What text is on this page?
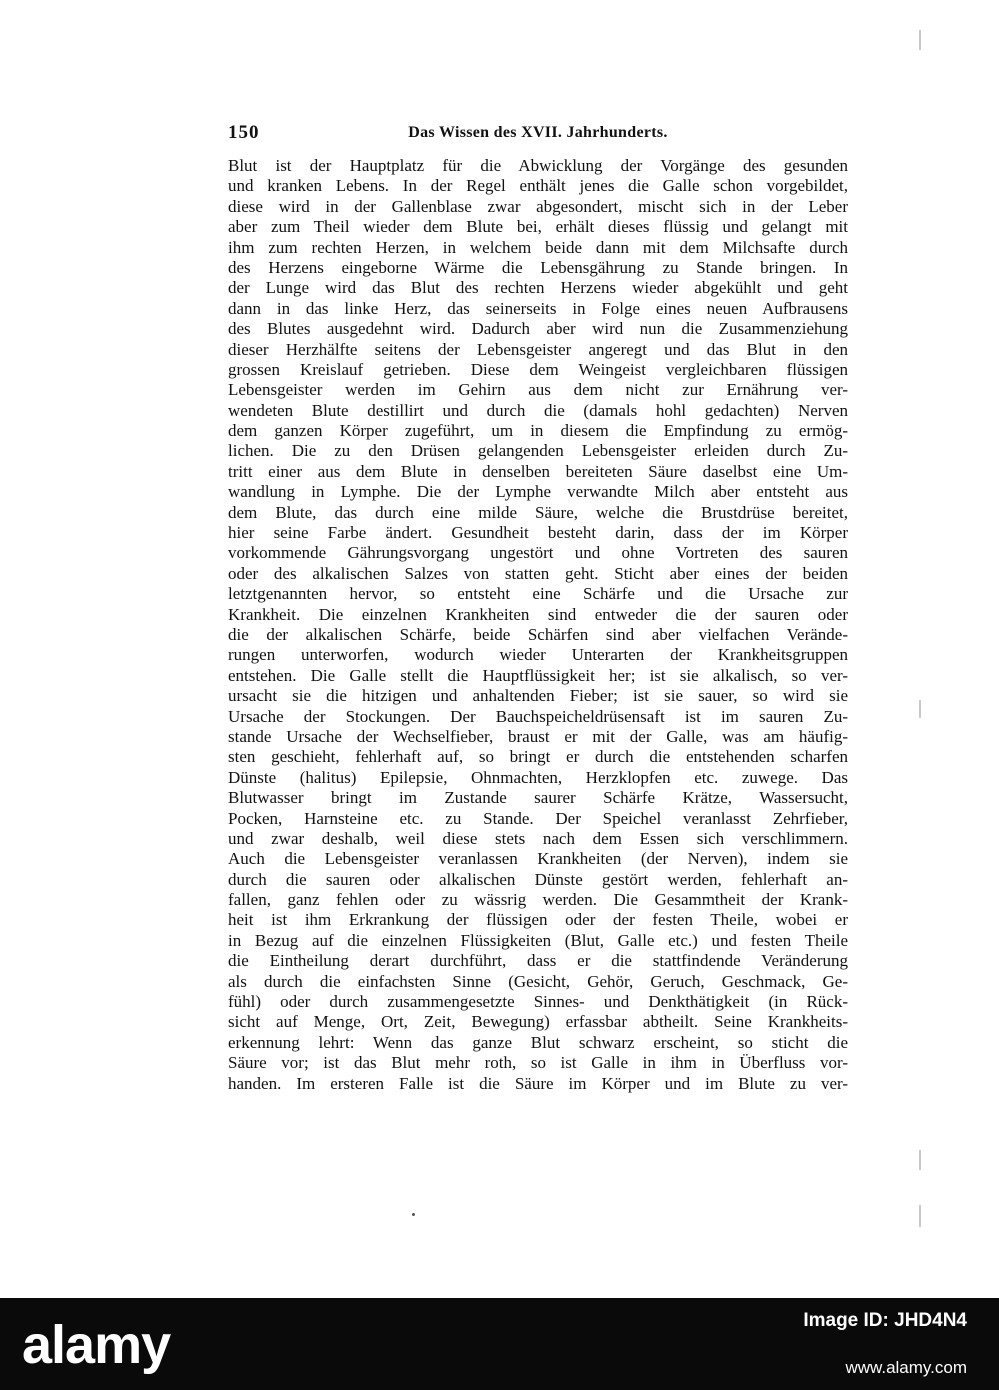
150	Das Wissen des XVII. Jahrhunderts.
Blut ist der Hauptplatz für die Abwicklung der Vorgänge des gesunden
und kranken Lebens. In der Regel enthält jenes die Galle schon vorgebildet,
diese wird in der Gallenblase zwar abgesondert, mischt sich in der Leber
aber zum Theil wieder dem Blute bei, erhält dieses flüssig und gelangt mit
ihm zum rechten Herzen, in welchem beide dann mit dem Milchsafte durch
des Herzens eingeborne Wärme die Lebensgährung zu Stande bringen. In
der Lunge wird das Blut des rechten Herzens wieder abgekühlt und geht
dann in das linke Herz, das seinerseits in Folge eines neuen Aufbrausens
des Blutes ausgedehnt wird. Dadurch aber wird nun die Zusammenziehung
dieser Herzhälfte seitens der Lebensgeister angeregt und das Blut in den
grossen Kreislauf getrieben. Diese dem Weingeist vergleichbaren flüssigen
Lebensgeister werden im Gehirn aus dem nicht zur Ernährung ver-
wendeten Blute destillirt und durch die (damals hohl gedachten) Nerven
dem ganzen Körper zugeführt, um in diesem die Empfindung zu ermög-
lichen. Die zu den Drüsen gelangenden Lebensgeister erleiden durch Zu-
tritt einer aus dem Blute in denselben bereiteten Säure daselbst eine Um-
wandlung in Lymphe. Die der Lymphe verwandte Milch aber entsteht aus
dem Blute, das durch eine milde Säure, welche die Brustdrüse bereitet,
hier seine Farbe ändert. Gesundheit besteht darin, dass der im Körper
vorkommende Gährungsvorgang ungestört und ohne Vortreten des sauren
oder des alkalischen Salzes von statten geht. Sticht aber eines der beiden
letztgenannten hervor, so entsteht eine Schärfe und die Ursache zur
Krankheit. Die einzelnen Krankheiten sind entweder die der sauren oder
die der alkalischen Schärfe, beide Schärfen sind aber vielfachen Verände-
rungen unterworfen, wodurch wieder Unterarten der Krankheitsgruppen
entstehen. Die Galle stellt die Hauptflüssigkeit her; ist sie alkalisch, so ver-
ursacht sie die hitzigen und anhaltenden Fieber; ist sie sauer, so wird sie
Ursache der Stockungen. Der Bauchspeicheldrüsensaft ist im sauren Zu-
stande Ursache der Wechselfieber, braust er mit der Galle, was am häufig-
sten geschieht, fehlerhaft auf, so bringt er durch die entstehenden scharfen
Dünste (halitus) Epilepsie, Ohnmachten, Herzklopfen etc. zuwege. Das
Blutwasser bringt im Zustande saurer Schärfe Krätze, Wassersucht,
Pocken, Harnsteine etc. zu Stande. Der Speichel veranlasst Zehrfieber,
und zwar deshalb, weil diese stets nach dem Essen sich verschlimmern.
Auch die Lebensgeister veranlassen Krankheiten (der Nerven), indem sie
durch die sauren oder alkalischen Dünste gestört werden, fehlerhaft an-
fallen, ganz fehlen oder zu wässrig werden. Die Gesammtheit der Krank-
heit ist ihm Erkrankung der flüssigen oder der festen Theile, wobei er
in Bezug auf die einzelnen Flüssigkeiten (Blut, Galle etc.) und festen Theile
die Eintheilung derart durchführt, dass er die stattfindende Veränderung
als durch die einfachsten Sinne (Gesicht, Gehör, Geruch, Geschmack, Ge-
fühl) oder durch zusammengesetzte Sinnes- und Denkthätigkeit (in Rück-
sicht auf Menge, Ort, Zeit, Bewegung) erfassbar abtheilt. Seine Krankheits-
erkennung lehrt: Wenn das ganze Blut schwarz erscheint, so sticht die
Säure vor; ist das Blut mehr roth, so ist Galle in ihm in Überfluss vor-
handen. Im ersteren Falle ist die Säure im Körper und im Blute zu ver-
alamy	Image ID: JHD4N4
www.alamy.com
